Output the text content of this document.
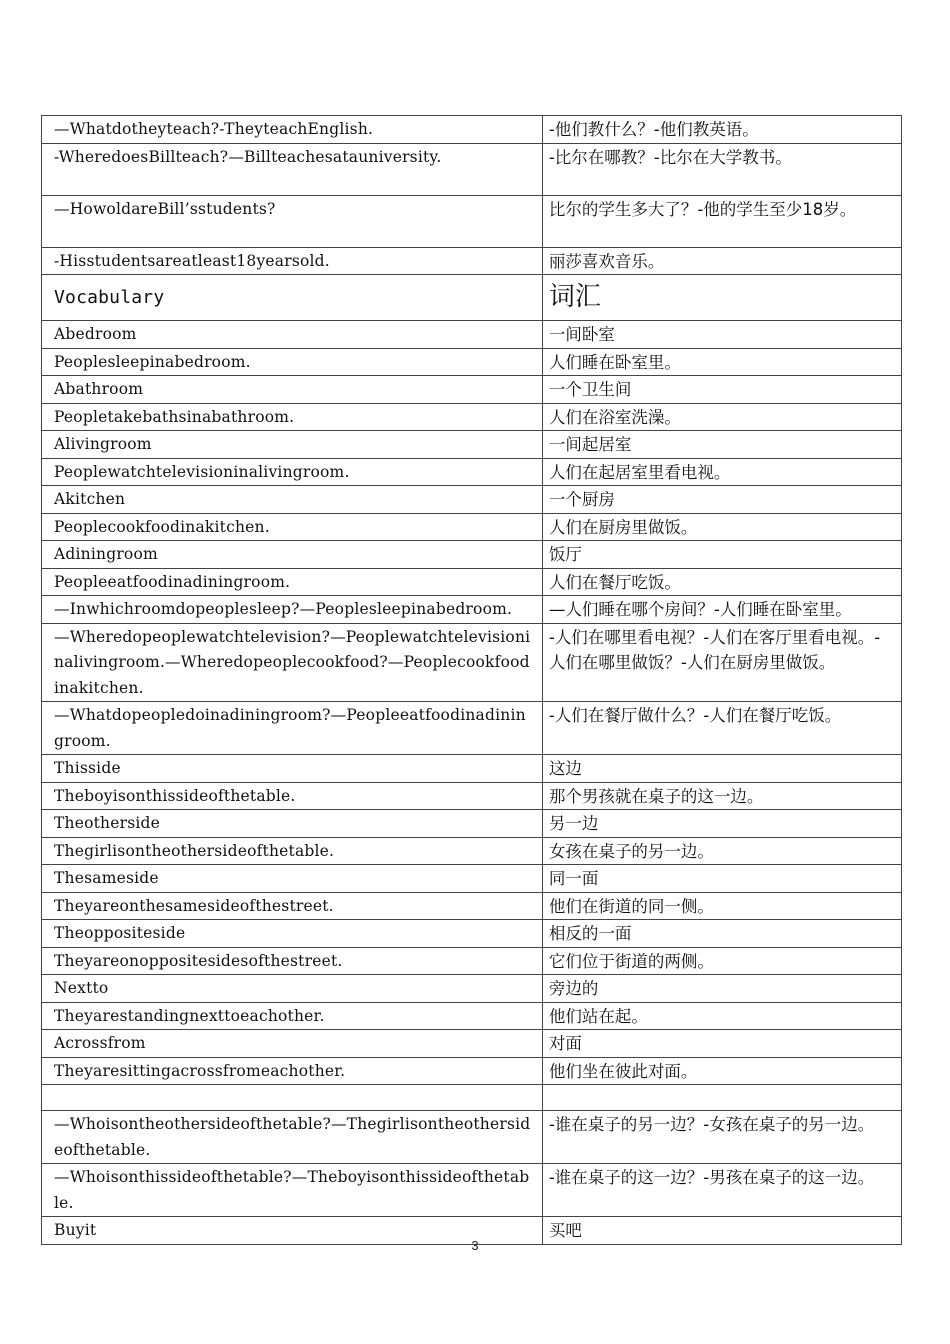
—Whatdotheyteach?-TheyteachEnglish.	-他们教什么？-他们教英语。
-WheredoesBillteach?—Billteachesatauniversity.	-比尔在哪教？-比尔在大学教书。
—HowoldareBill’sstudents?	比尔的学生多大了？-他的学生至少18岁。
-Hisstudentsareatleast18yearsold.	丽莎喜欢音乐。
Vocabulary	词汇
Abedroom	一间卧室
Peoplesleepinabedroom.	人们睡在卧室里。
Abathroom	一个卫生间
Peopletakebathsinabathroom.	人们在浴室洗澡。
Alivingroom	一间起居室
Peoplewatchtelevisioninalivingroom.	人们在起居室里看电视。
Akitchen	一个厨房
Peoplecookfoodinakitchen.	人们在厨房里做饭。
Adiningroom	饭厅
Peopleeatfoodinadiningroom.	人们在餐厅吃饭。
—Inwhichroomdopeoplesleep?—Peoplesleepinabedroom.	—人们睡在哪个房间？-人们睡在卧室里。
—Wheredopeoplewatchtelevision?—Peoplewatchtelevisioninalivingroom.—Wheredopeoplecookfood?—Peoplecookfoodinakitchen.	-人们在哪里看电视？-人们在客厅里看电视。-人们在哪里做饭？-人们在厨房里做饭。
—Whatdopeopledoinadiningroom?—Peopleeatfoodinadiningroom.	-人们在餐厅做什么？-人们在餐厅吃饭。
Thisside	这边
Theboyisonthissideofthetable.	那个男孩就在桌子的这一边。
Theotherside	另一边
Thegirlisontheothersideofthetable.	女孩在桌子的另一边。
Thesameside	同一面
Theyareonthesamesideofthestreet.	他们在街道的同一侧。
Theoppositeside	相反的一面
Theyareonoppositesidesofthestreet.	它们位于街道的两侧。
Nextto	旁边的
Theyarestandingnexttoeachother.	他们站在起。
Acrossfrom	对面
Theyaresittingacrossfromeachother.	他们坐在彼此对面。

—Whoisontheothersideofthetable?—Thegirlisontheothersideofthetable.	-谁在桌子的另一边？-女孩在桌子的另一边。
—Whoisonthissideofthetable?—Theboyisonthissideofthetable.	-谁在桌子的这一边？-男孩在桌子的这一边。
Buyit	买吧
3
